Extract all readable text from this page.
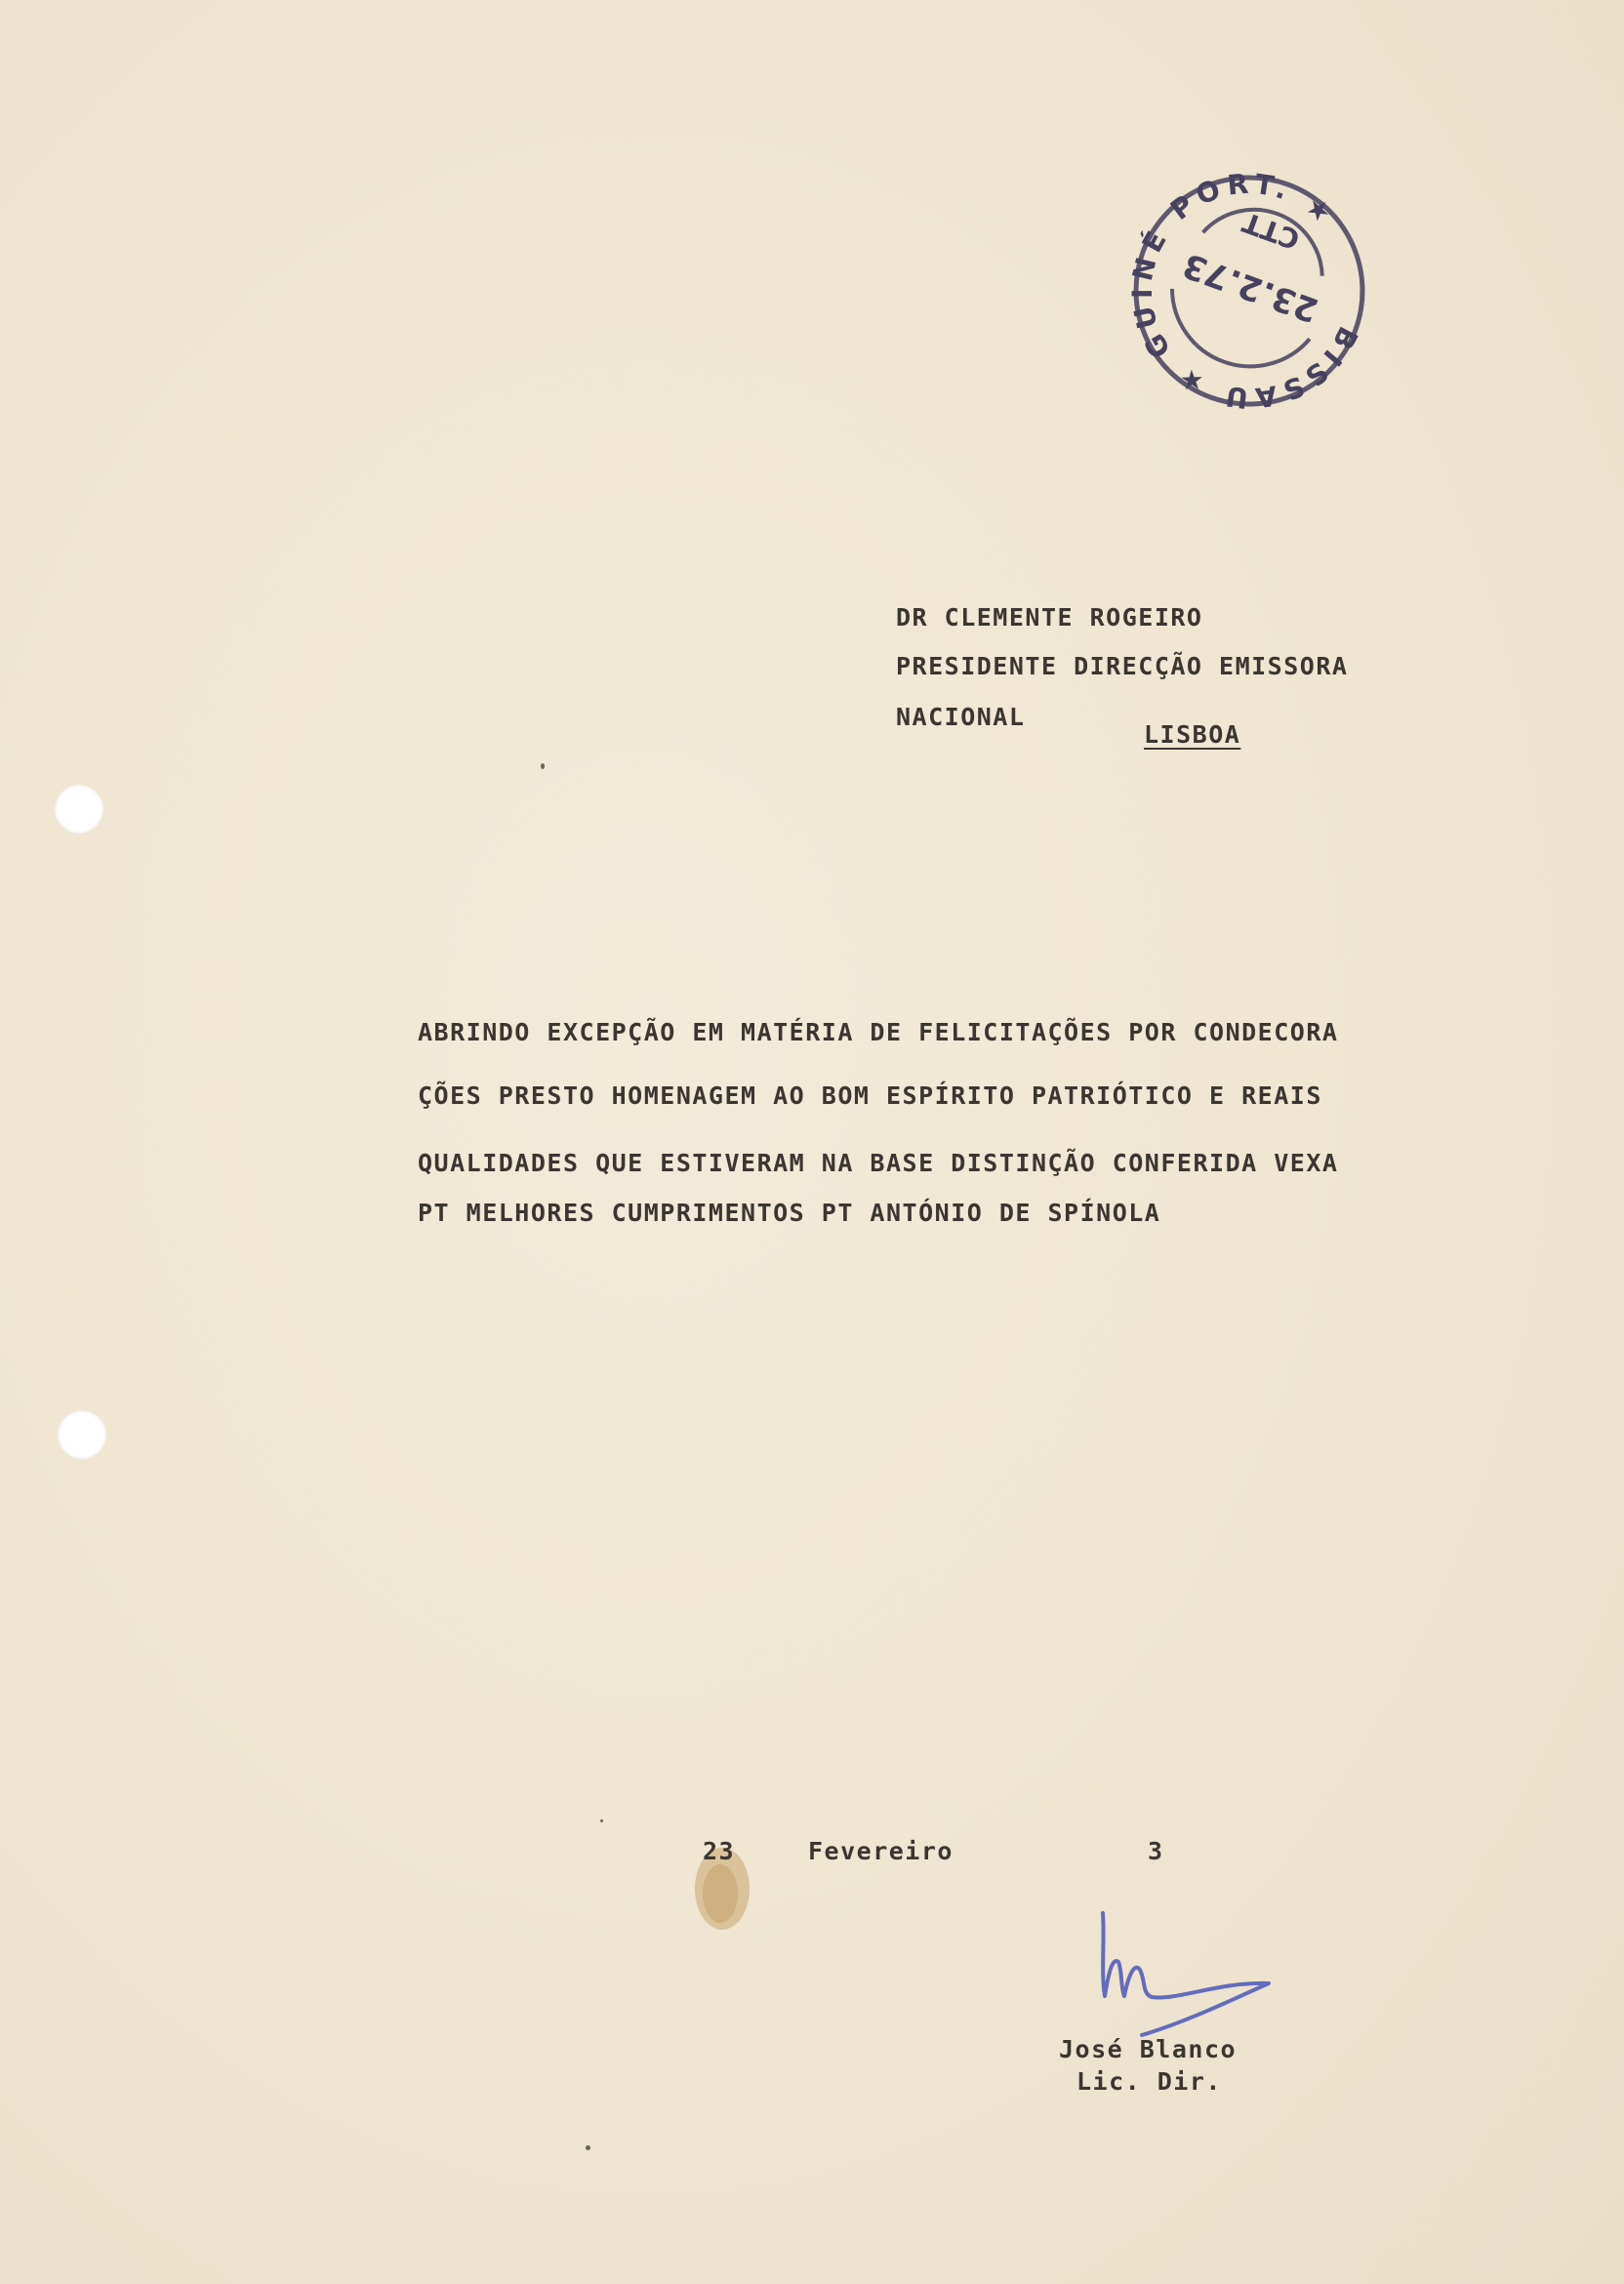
BISSAU ★ GUINÉ PORT. ★
23.2.73
CTT
DR CLEMENTE ROGEIRO
PRESIDENTE DIRECÇÃO EMISSORA
NACIONAL
LISBOA
ABRINDO EXCEPÇÃO EM MATÉRIA DE FELICITAÇÕES POR CONDECORA
ÇÕES PRESTO HOMENAGEM AO BOM ESPÍRITO PATRIÓTICO E REAIS
QUALIDADES QUE ESTIVERAM NA BASE DISTINÇÃO CONFERIDA VEXA
PT MELHORES CUMPRIMENTOS PT ANTÓNIO DE SPÍNOLA
23	Fevereiro	3
José Blanco
Lic. Dir.
